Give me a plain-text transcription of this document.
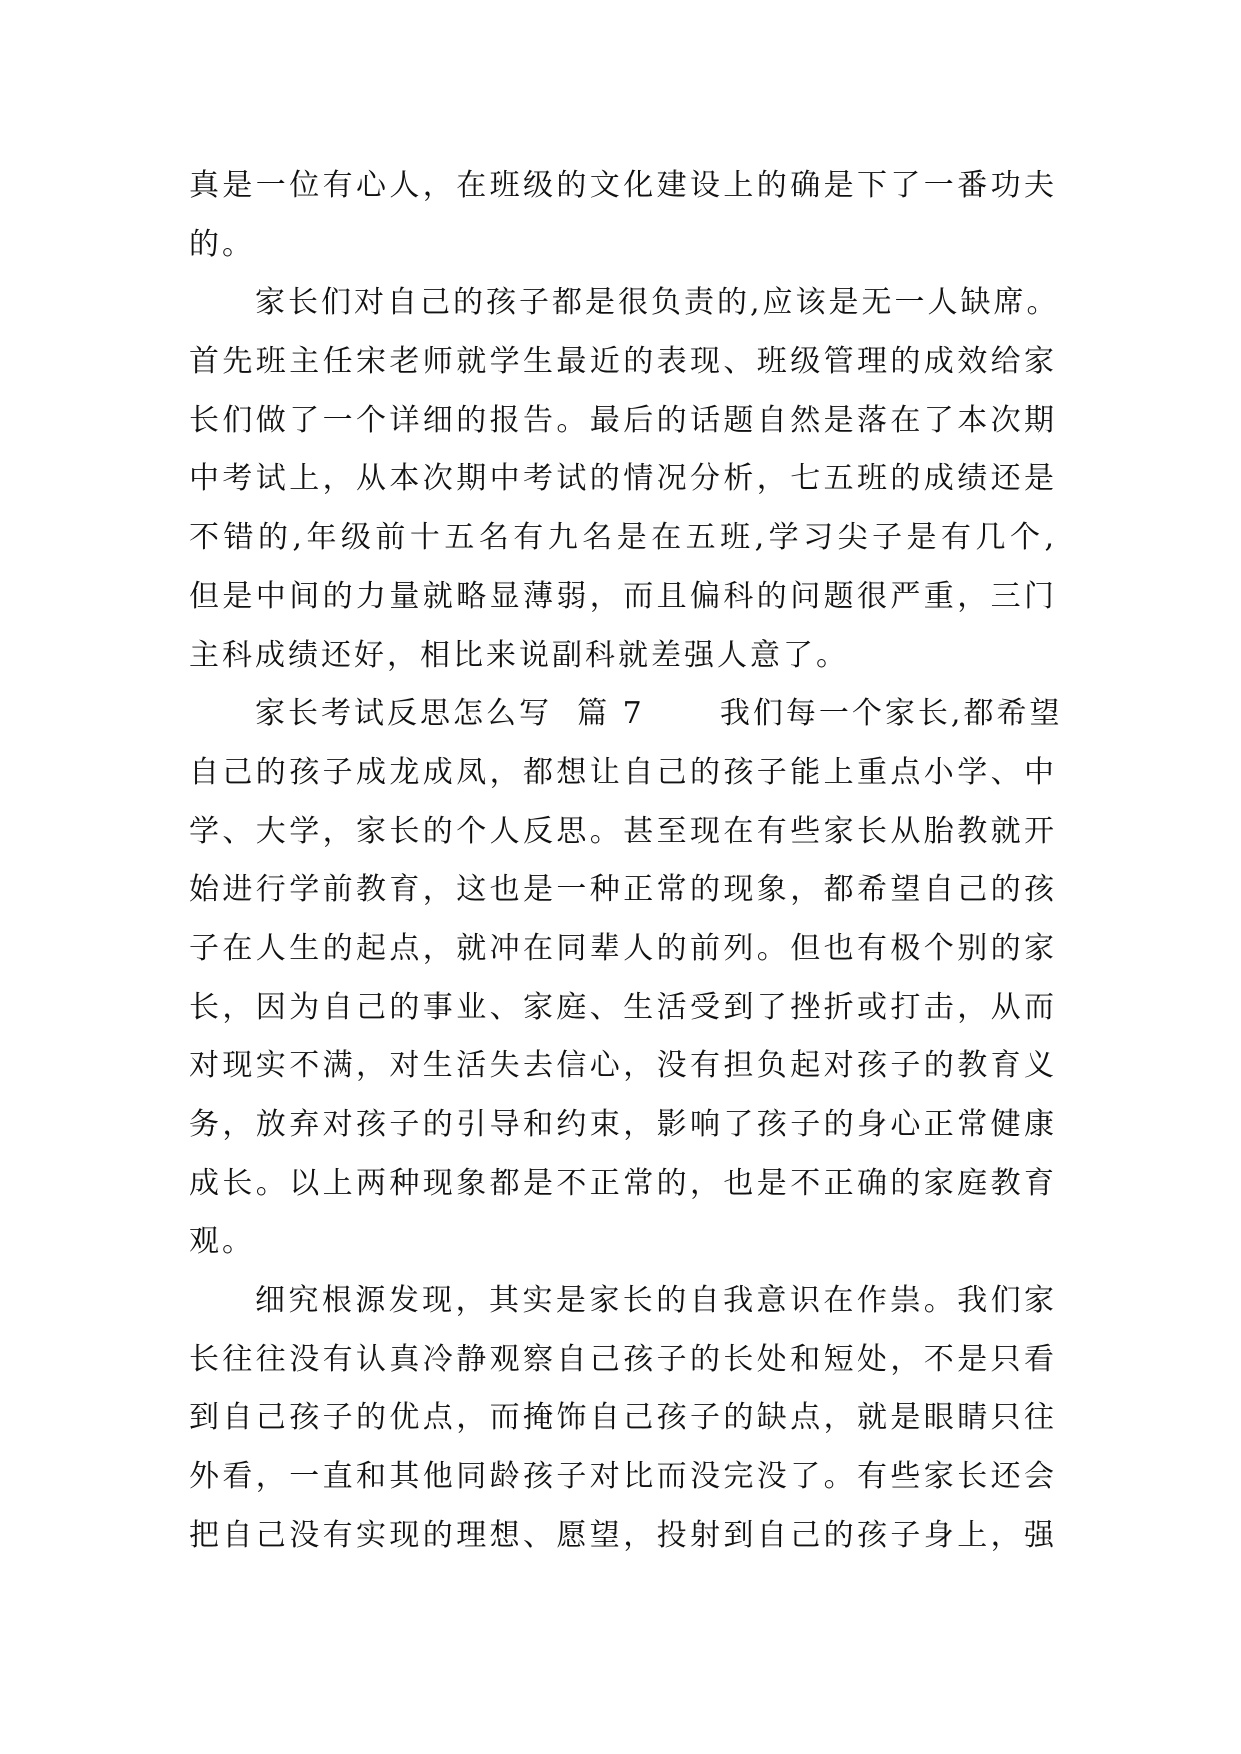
真是一位有心人，在班级的文化建设上的确是下了一番功夫
的。
家长们对自己的孩子都是很负责的,应该是无一人缺席。
首先班主任宋老师就学生最近的表现、班级管理的成效给家
长们做了一个详细的报告。最后的话题自然是落在了本次期
中考试上，从本次期中考试的情况分析，七五班的成绩还是
不错的,年级前十五名有九名是在五班,学习尖子是有几个,
但是中间的力量就略显薄弱，而且偏科的问题很严重，三门
主科成绩还好，相比来说副科就差强人意了。
家长考试反思怎么写  篇 7      我们每一个家长,都希望
自己的孩子成龙成凤，都想让自己的孩子能上重点小学、中
学、大学，家长的个人反思。甚至现在有些家长从胎教就开
始进行学前教育，这也是一种正常的现象，都希望自己的孩
子在人生的起点，就冲在同辈人的前列。但也有极个别的家
长，因为自己的事业、家庭、生活受到了挫折或打击，从而
对现实不满，对生活失去信心，没有担负起对孩子的教育义
务，放弃对孩子的引导和约束，影响了孩子的身心正常健康
成长。以上两种现象都是不正常的，也是不正确的家庭教育
观。
细究根源发现，其实是家长的自我意识在作祟。我们家
长往往没有认真冷静观察自己孩子的长处和短处，不是只看
到自己孩子的优点，而掩饰自己孩子的缺点，就是眼睛只往
外看，一直和其他同龄孩子对比而没完没了。有些家长还会
把自己没有实现的理想、愿望，投射到自己的孩子身上，强
